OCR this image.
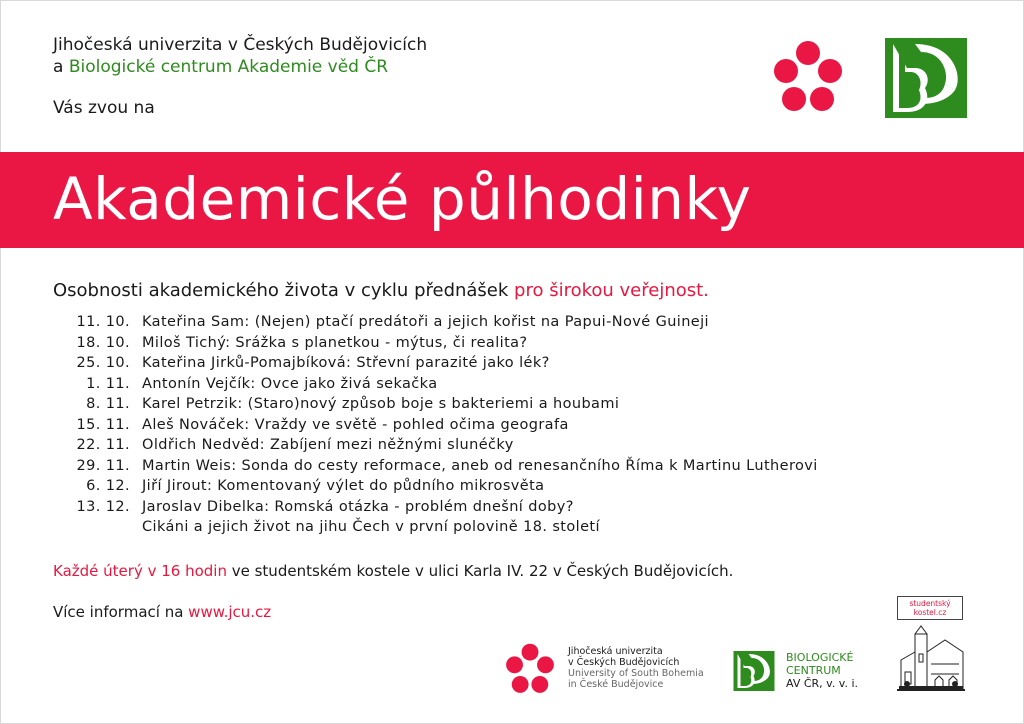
Jihočeská univerzita v Českých Budějovicích
a Biologické centrum Akademie věd ČR
Vás zvou na
Akademické půlhodinky
Osobnosti akademického života v cyklu přednášek pro širokou veřejnost.
11. 10. Kateřina Sam: (Nejen) ptačí predátoři a jejich kořist na Papui-Nové Guineji
18. 10. Miloš Tichý: Srážka s planetkou - mýtus, či realita?
25. 10. Kateřina Jirků-Pomajbíková: Střevní parazité jako lék?
1. 11. Antonín Vejčík: Ovce jako živá sekačka
8. 11. Karel Petrzik: (Staro)nový způsob boje s bakteriemi a houbami
15. 11. Aleš Nováček: Vraždy ve světě - pohled očima geografa
22. 11. Oldřich Nedvěd: Zabíjení mezi něžnými slunéčky
29. 11. Martin Weis: Sonda do cesty reformace, aneb od renesančního Říma k Martinu Lutherovi
6. 12. Jiří Jirout: Komentovaný výlet do půdního mikrosvěta
13. 12. Jaroslav Dibelka: Romská otázka - problém dnešní doby?
Cikáni a jejich život na jihu Čech v první polovině 18. století
Každé úterý v 16 hodin ve studentském kostele v ulici Karla IV. 22 v Českých Budějovicích.
Více informací na www.jcu.cz
Jihočeská univerzita
v Českých Budějovicích
University of South Bohemia
in České Budějovice
BIOLOGICKÉ
CENTRUM
AV ČR, v. v. i.
studentský
kostel.cz
